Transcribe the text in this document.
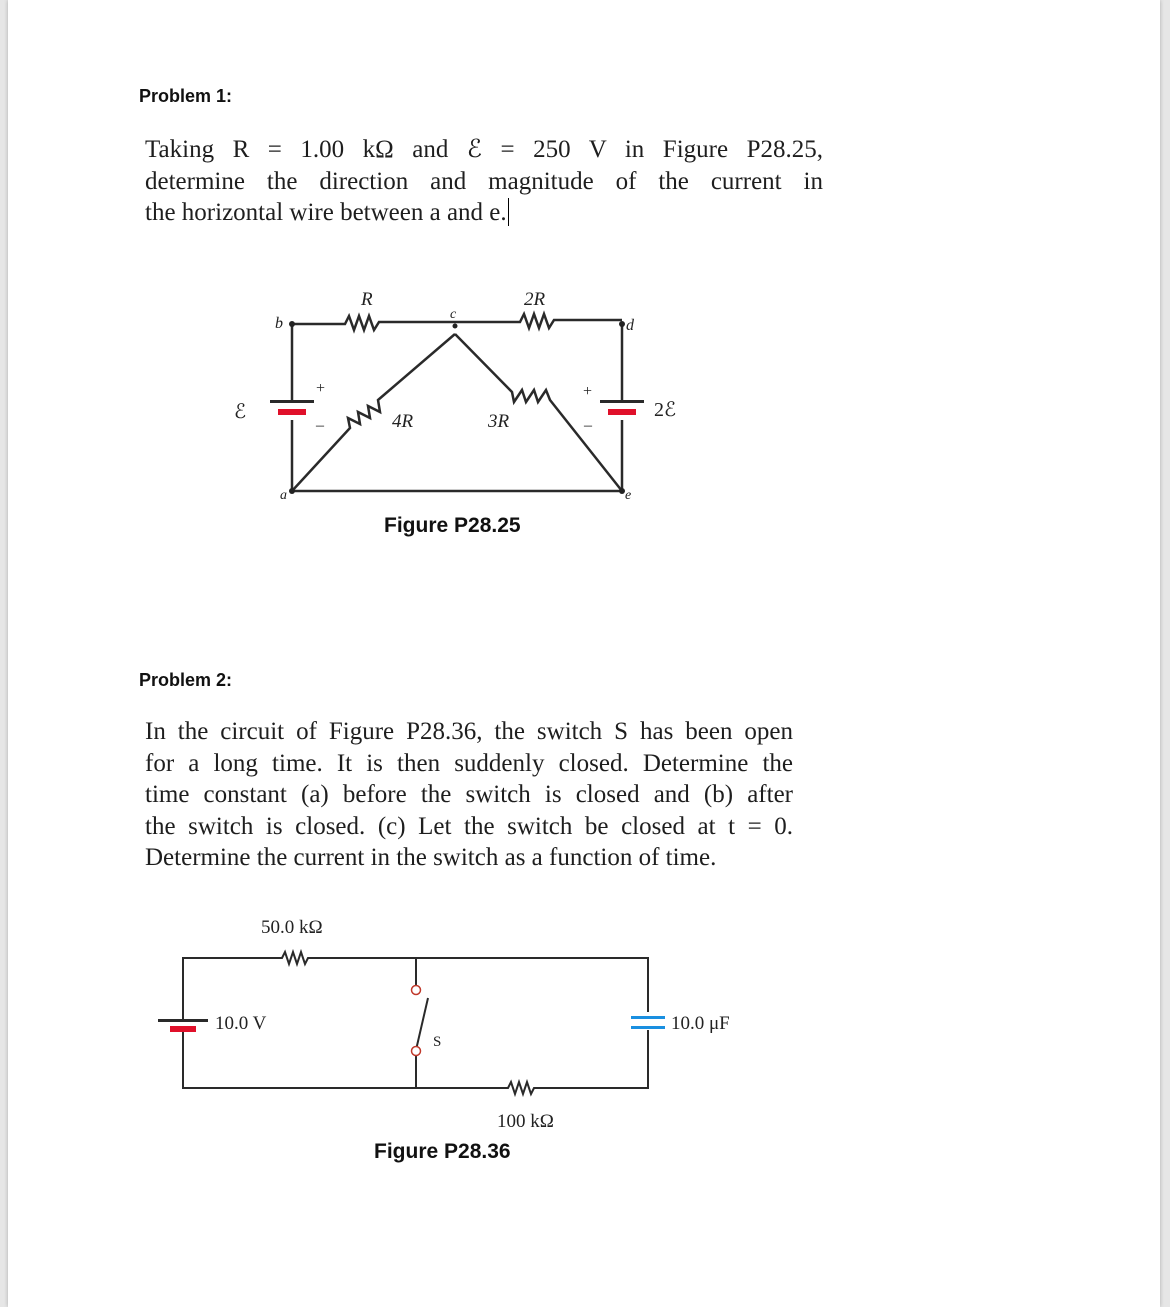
Problem 1:
Taking R = 1.00 kΩ and ℰ = 250 V in Figure P28.25,
determine the direction and magnitude of the current in
the horizontal wire between a and e.
b
c
d
a	e
R	2R
4R	3R
ℰ	2ℰ
+
–
+
–
Figure P28.25
Problem 2:
In the circuit of Figure P28.36, the switch S has been open
for a long time. It is then suddenly closed. Determine the
time constant (a) before the switch is closed and (b) after
the switch is closed. (c) Let the switch be closed at t = 0.
Determine the current in the switch as a function of time.
50.0 kΩ
100 kΩ
10.0 V	10.0 μF
S
Figure P28.36
